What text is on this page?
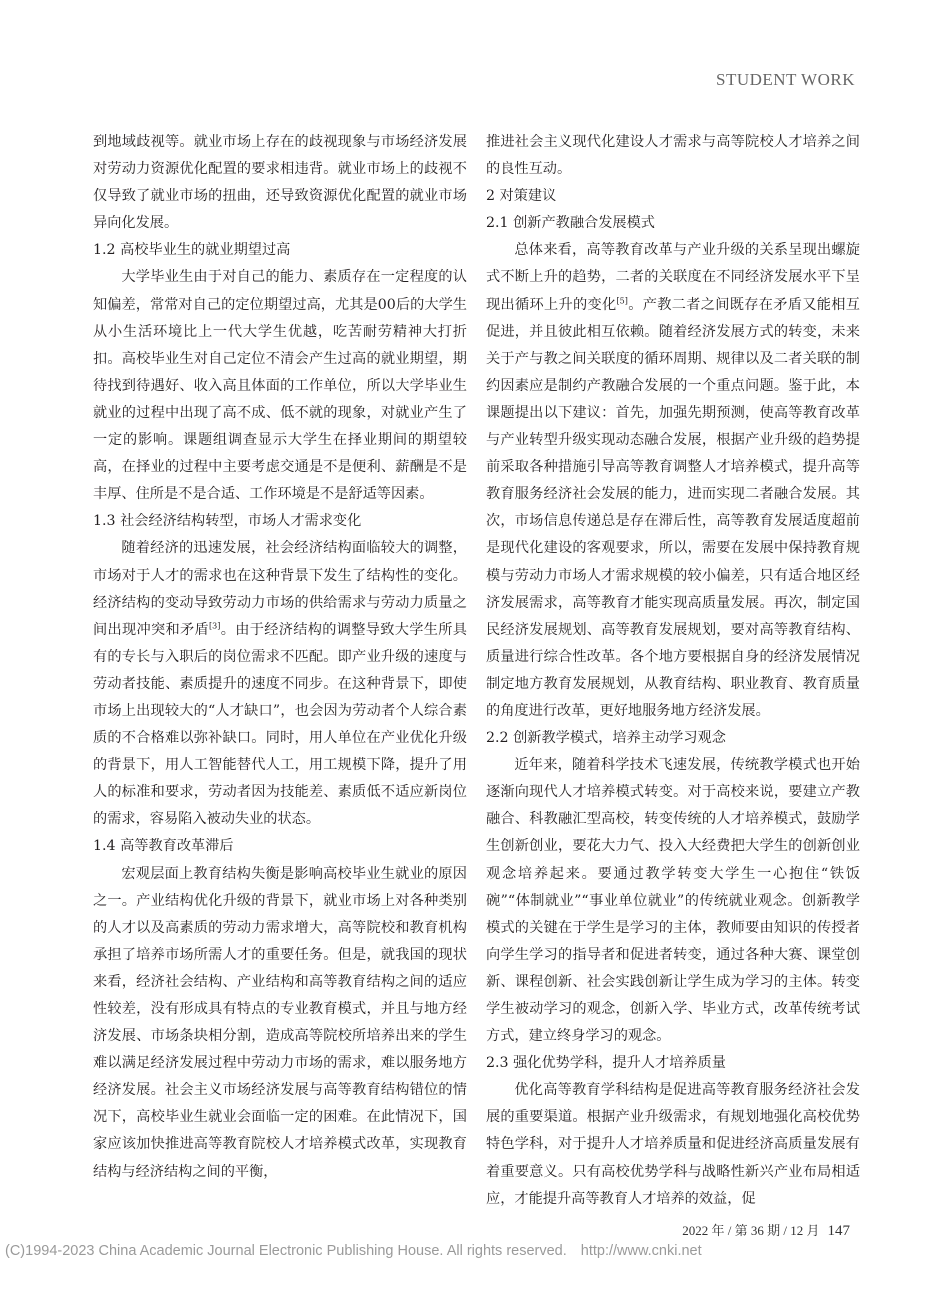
STUDENT WORK

到地域歧视等。就业市场上存在的歧视现象与市场经济发展对劳动力资源优化配置的要求相违背。就业市场上的歧视不仅导致了就业市场的扭曲，还导致资源优化配置的就业市场异向化发展。

1.2 高校毕业生的就业期望过高

大学毕业生由于对自己的能力、素质存在一定程度的认知偏差，常常对自己的定位期望过高，尤其是00后的大学生从小生活环境比上一代大学生优越，吃苦耐劳精神大打折扣。高校毕业生对自己定位不清会产生过高的就业期望，期待找到待遇好、收入高且体面的工作单位，所以大学毕业生就业的过程中出现了高不成、低不就的现象，对就业产生了一定的影响。课题组调查显示大学生在择业期间的期望较高，在择业的过程中主要考虑交通是不是便利、薪酬是不是丰厚、住所是不是合适、工作环境是不是舒适等因素。

1.3 社会经济结构转型，市场人才需求变化

随着经济的迅速发展，社会经济结构面临较大的调整，市场对于人才的需求也在这种背景下发生了结构性的变化。经济结构的变动导致劳动力市场的供给需求与劳动力质量之间出现冲突和矛盾[3]。由于经济结构的调整导致大学生所具有的专长与入职后的岗位需求不匹配。即产业升级的速度与劳动者技能、素质提升的速度不同步。在这种背景下，即使市场上出现较大的“人才缺口”，也会因为劳动者个人综合素质的不合格难以弥补缺口。同时，用人单位在产业优化升级的背景下，用人工智能替代人工，用工规模下降，提升了用人的标准和要求，劳动者因为技能差、素质低不适应新岗位的需求，容易陷入被动失业的状态。

1.4 高等教育改革滞后

宏观层面上教育结构失衡是影响高校毕业生就业的原因之一。产业结构优化升级的背景下，就业市场上对各种类别的人才以及高素质的劳动力需求增大，高等院校和教育机构承担了培养市场所需人才的重要任务。但是，就我国的现状来看，经济社会结构、产业结构和高等教育结构之间的适应性较差，没有形成具有特点的专业教育模式，并且与地方经济发展、市场条块相分割，造成高等院校所培养出来的学生难以满足经济发展过程中劳动力市场的需求，难以服务地方经济发展。社会主义市场经济发展与高等教育结构错位的情况下，高校毕业生就业会面临一定的困难。在此情况下，国家应该加快推进高等教育院校人才培养模式改革，实现教育结构与经济结构之间的平衡，

推进社会主义现代化建设人才需求与高等院校人才培养之间的良性互动。

2 对策建议

2.1 创新产教融合发展模式

总体来看，高等教育改革与产业升级的关系呈现出螺旋式不断上升的趋势，二者的关联度在不同经济发展水平下呈现出循环上升的变化[5]。产教二者之间既存在矛盾又能相互促进，并且彼此相互依赖。随着经济发展方式的转变，未来关于产与教之间关联度的循环周期、规律以及二者关联的制约因素应是制约产教融合发展的一个重点问题。鉴于此，本课题提出以下建议：首先，加强先期预测，使高等教育改革与产业转型升级实现动态融合发展，根据产业升级的趋势提前采取各种措施引导高等教育调整人才培养模式，提升高等教育服务经济社会发展的能力，进而实现二者融合发展。其次，市场信息传递总是存在滞后性，高等教育发展适度超前是现代化建设的客观要求，所以，需要在发展中保持教育规模与劳动力市场人才需求规模的较小偏差，只有适合地区经济发展需求，高等教育才能实现高质量发展。再次，制定国民经济发展规划、高等教育发展规划，要对高等教育结构、质量进行综合性改革。各个地方要根据自身的经济发展情况制定地方教育发展规划，从教育结构、职业教育、教育质量的角度进行改革，更好地服务地方经济发展。

2.2 创新教学模式，培养主动学习观念

近年来，随着科学技术飞速发展，传统教学模式也开始逐渐向现代人才培养模式转变。对于高校来说，要建立产教融合、科教融汇型高校，转变传统的人才培养模式，鼓励学生创新创业，要花大力气、投入大经费把大学生的创新创业观念培养起来。要通过教学转变大学生一心抱住“铁饭碗”“体制就业”“事业单位就业”的传统就业观念。创新教学模式的关键在于学生是学习的主体，教师要由知识的传授者向学生学习的指导者和促进者转变，通过各种大赛、课堂创新、课程创新、社会实践创新让学生成为学习的主体。转变学生被动学习的观念，创新入学、毕业方式，改革传统考试方式，建立终身学习的观念。

2.3 强化优势学科，提升人才培养质量

优化高等教育学科结构是促进高等教育服务经济社会发展的重要渠道。根据产业升级需求，有规划地强化高校优势特色学科，对于提升人才培养质量和促进经济高质量发展有着重要意义。只有高校优势学科与战略性新兴产业布局相适应，才能提升高等教育人才培养的效益，促

2022 年 / 第 36 期 / 12 月 147
(C)1994-2023 China Academic Journal Electronic Publishing House. All rights reserved. http://www.cnki.net
